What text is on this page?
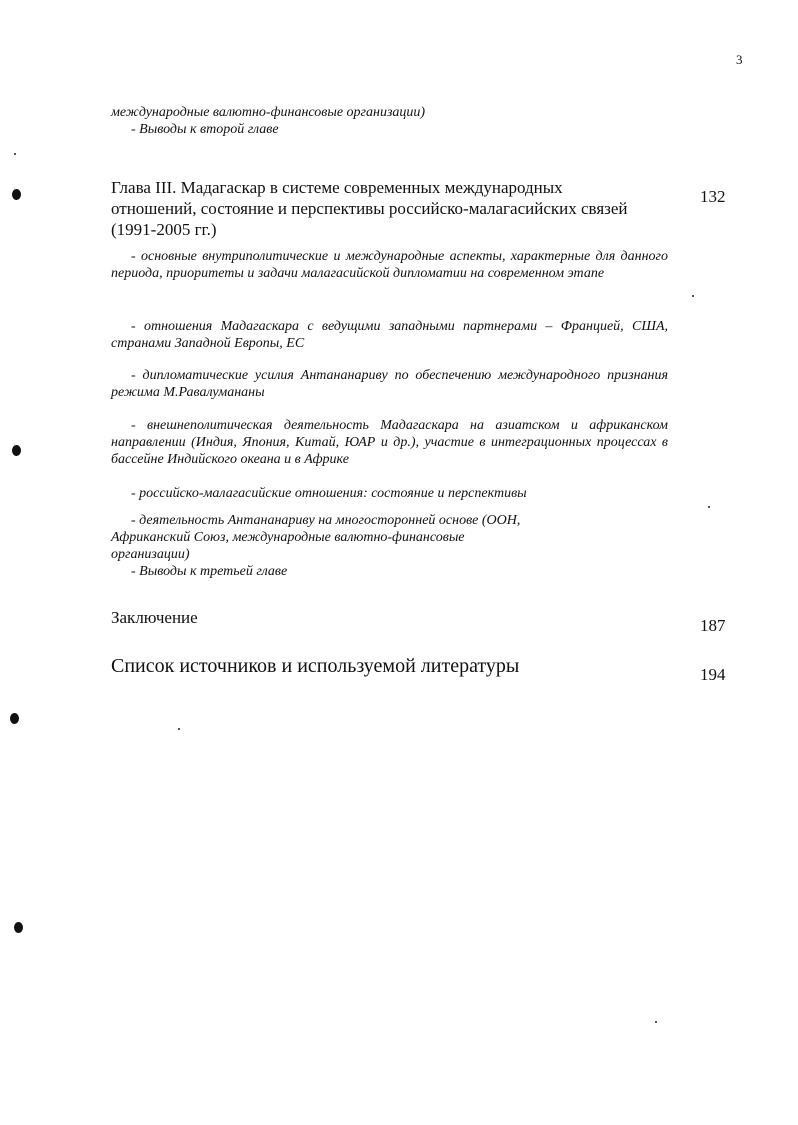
3
международные валютно-финансовые организации)
- Выводы к второй главе
Глава III. Мадагаскар в системе современных международных отношений, состояние и перспективы российско-малагасийских связей (1991-2005 гг.)
132
- основные внутриполитические и международные аспекты, характерные для данного периода, приоритеты и задачи малагасийской дипломатии на современном этапе
- отношения Мадагаскара с ведущими западными партнерами – Францией, США, странами Западной Европы, ЕС
- дипломатические усилия Антананариву по обеспечению международного признания режима М.Равалумананы
- внешнеполитическая деятельность Мадагаскара на азиатском и африканском направлении (Индия, Япония, Китай, ЮАР и др.), участие в интеграционных процессах в бассейне Индийского океана и в Африке
- российско-малагасийские отношения: состояние и перспективы
- деятельность Антананариву на многосторонней основе (ООН,
Африканский Союз, международные валютно-финансовые
организации)
- Выводы к третьей главе
Заключение	187
Список источников и используемой литературы	194
